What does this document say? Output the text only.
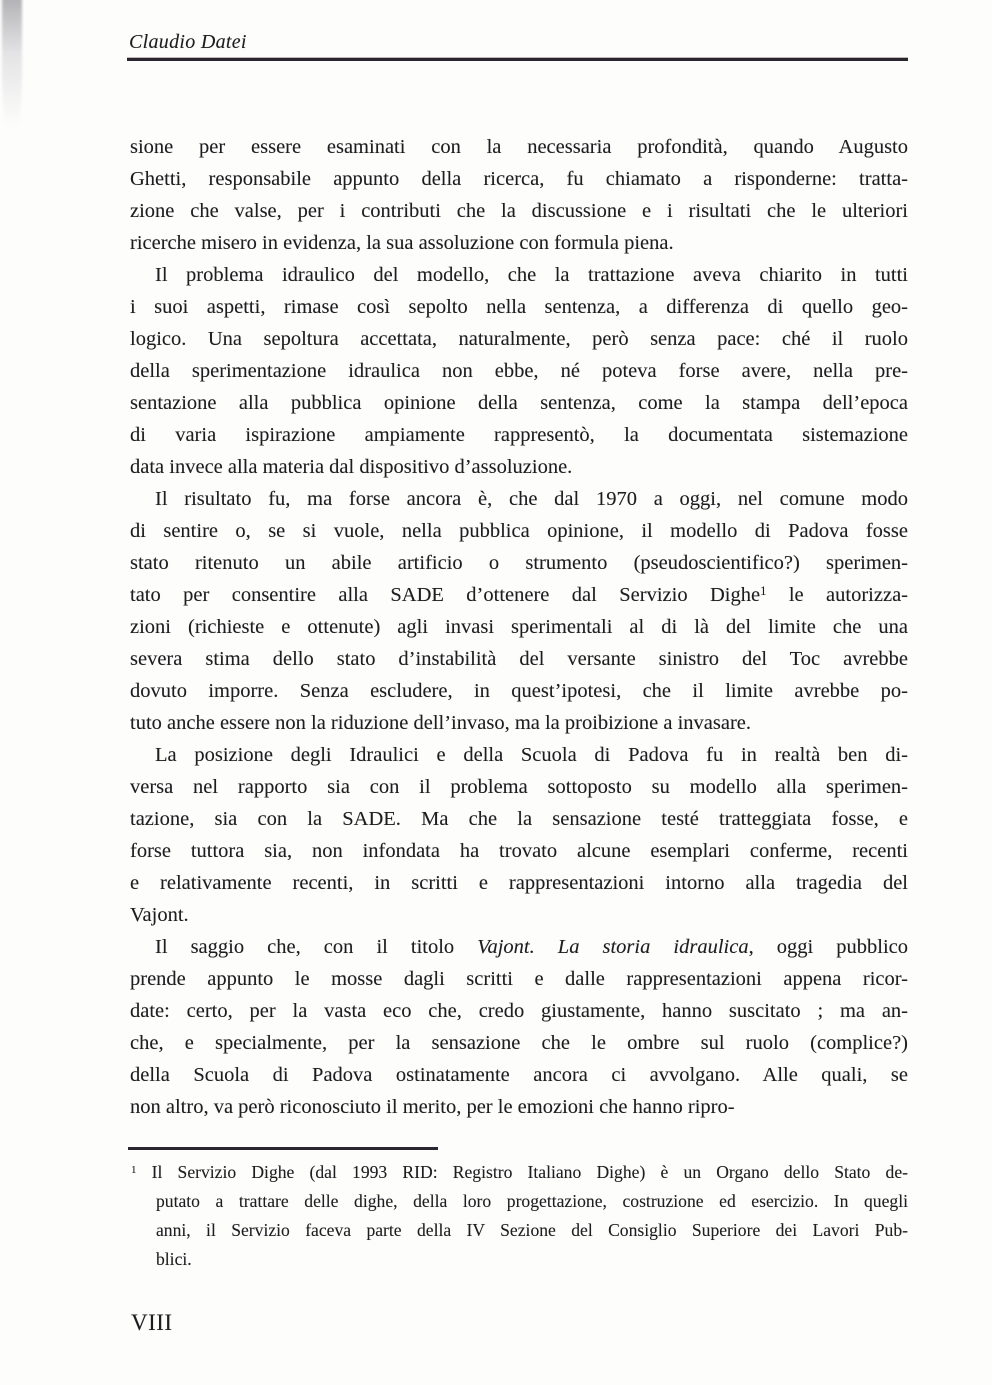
Claudio Datei
sione per essere esaminati con la necessaria profondità, quando Augusto
Ghetti, responsabile appunto della ricerca, fu chiamato a risponderne: tratta-
zione che valse, per i contributi che la discussione e i risultati che le ulteriori
ricerche misero in evidenza, la sua assoluzione con formula piena.
Il problema idraulico del modello, che la trattazione aveva chiarito in tutti
i suoi aspetti, rimase così sepolto nella sentenza, a differenza di quello geo-
logico. Una sepoltura accettata, naturalmente, però senza pace: ché il ruolo
della sperimentazione idraulica non ebbe, né poteva forse avere, nella pre-
sentazione alla pubblica opinione della sentenza, come la stampa dell’epoca
di varia ispirazione ampiamente rappresentò, la documentata sistemazione
data invece alla materia dal dispositivo d’assoluzione.
Il risultato fu, ma forse ancora è, che dal 1970 a oggi, nel comune modo
di sentire o, se si vuole, nella pubblica opinione, il modello di Padova fosse
stato ritenuto un abile artificio o strumento (pseudoscientifico?) sperimen-
tato per consentire alla SADE d’ottenere dal Servizio Dighe$^1$ le autorizza-
zioni (richieste e ottenute) agli invasi sperimentali al di là del limite che una
severa stima dello stato d’instabilità del versante sinistro del Toc avrebbe
dovuto imporre. Senza escludere, in quest’ipotesi, che il limite avrebbe po-
tuto anche essere non la riduzione dell’invaso, ma la proibizione a invasare.
La posizione degli Idraulici e della Scuola di Padova fu in realtà ben di-
versa nel rapporto sia con il problema sottoposto su modello alla sperimen-
tazione, sia con la SADE. Ma che la sensazione testé tratteggiata fosse, e
forse tuttora sia, non infondata ha trovato alcune esemplari conferme, recenti
e relativamente recenti, in scritti e rappresentazioni intorno alla tragedia del
Vajont.
Il saggio che, con il titolo Vajont. La storia idraulica, oggi pubblico
prende appunto le mosse dagli scritti e dalle rappresentazioni appena ricor-
date: certo, per la vasta eco che, credo giustamente, hanno suscitato ; ma an-
che, e specialmente, per la sensazione che le ombre sul ruolo (complice?)
della Scuola di Padova ostinatamente ancora ci avvolgano. Alle quali, se
non altro, va però riconosciuto il merito, per le emozioni che hanno ripro-
$^1$ Il Servizio Dighe (dal 1993 RID: Registro Italiano Dighe) è un Organo dello Stato de-
putato a trattare delle dighe, della loro progettazione, costruzione ed esercizio. In quegli
anni, il Servizio faceva parte della IV Sezione del Consiglio Superiore dei Lavori Pub-
blici.
VIII
